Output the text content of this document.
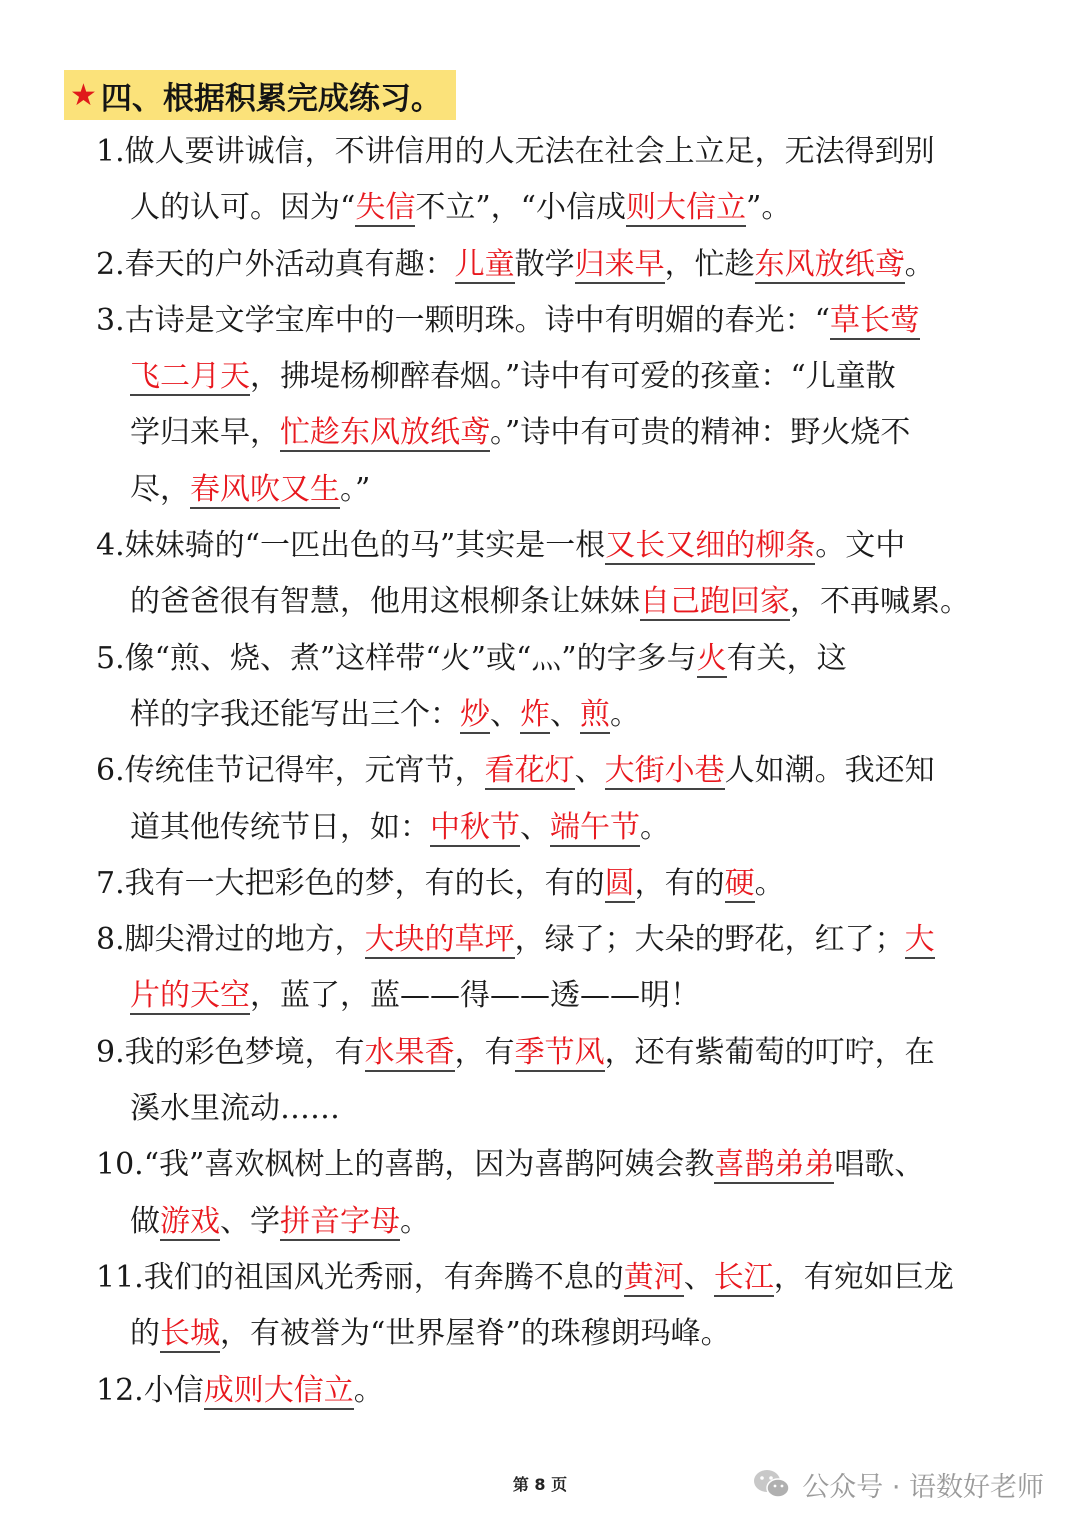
★ 四、根据积累完成练习。
1.做人要讲诚信，不讲信用的人无法在社会上立足，无法得到别
人的认可。因为“失信不立”，“小信成则大信立”。
2.春天的户外活动真有趣：儿童散学归来早，忙趁东风放纸鸢。
3.古诗是文学宝库中的一颗明珠。诗中有明媚的春光：“草长莺
飞二月天，拂堤杨柳醉春烟。”诗中有可爱的孩童：“儿童散
学归来早，忙趁东风放纸鸢。”诗中有可贵的精神：野火烧不
尽，春风吹又生。”
4.妹妹骑的“一匹出色的马”其实是一根又长又细的柳条。文中
的爸爸很有智慧，他用这根柳条让妹妹自己跑回家，不再喊累。
5.像“煎、烧、煮”这样带“火”或“灬”的字多与火有关，这
样的字我还能写出三个：炒、炸、煎。
6.传统佳节记得牢，元宵节，看花灯、大街小巷人如潮。我还知
道其他传统节日，如：中秋节、端午节。
7.我有一大把彩色的梦，有的长，有的圆，有的硬。
8.脚尖滑过的地方，大块的草坪，绿了；大朵的野花，红了；大
片的天空，蓝了，蓝——得——透——明！
9.我的彩色梦境，有水果香，有季节风，还有紫葡萄的叮咛，在
溪水里流动……
10.“我”喜欢枫树上的喜鹊，因为喜鹊阿姨会教喜鹊弟弟唱歌、
做游戏、学拼音字母。
11.我们的祖国风光秀丽，有奔腾不息的黄河、长江，有宛如巨龙
的长城，有被誉为“世界屋脊”的珠穆朗玛峰。
12.小信成则大信立。
第 8 页	公众号 · 语数好老师
